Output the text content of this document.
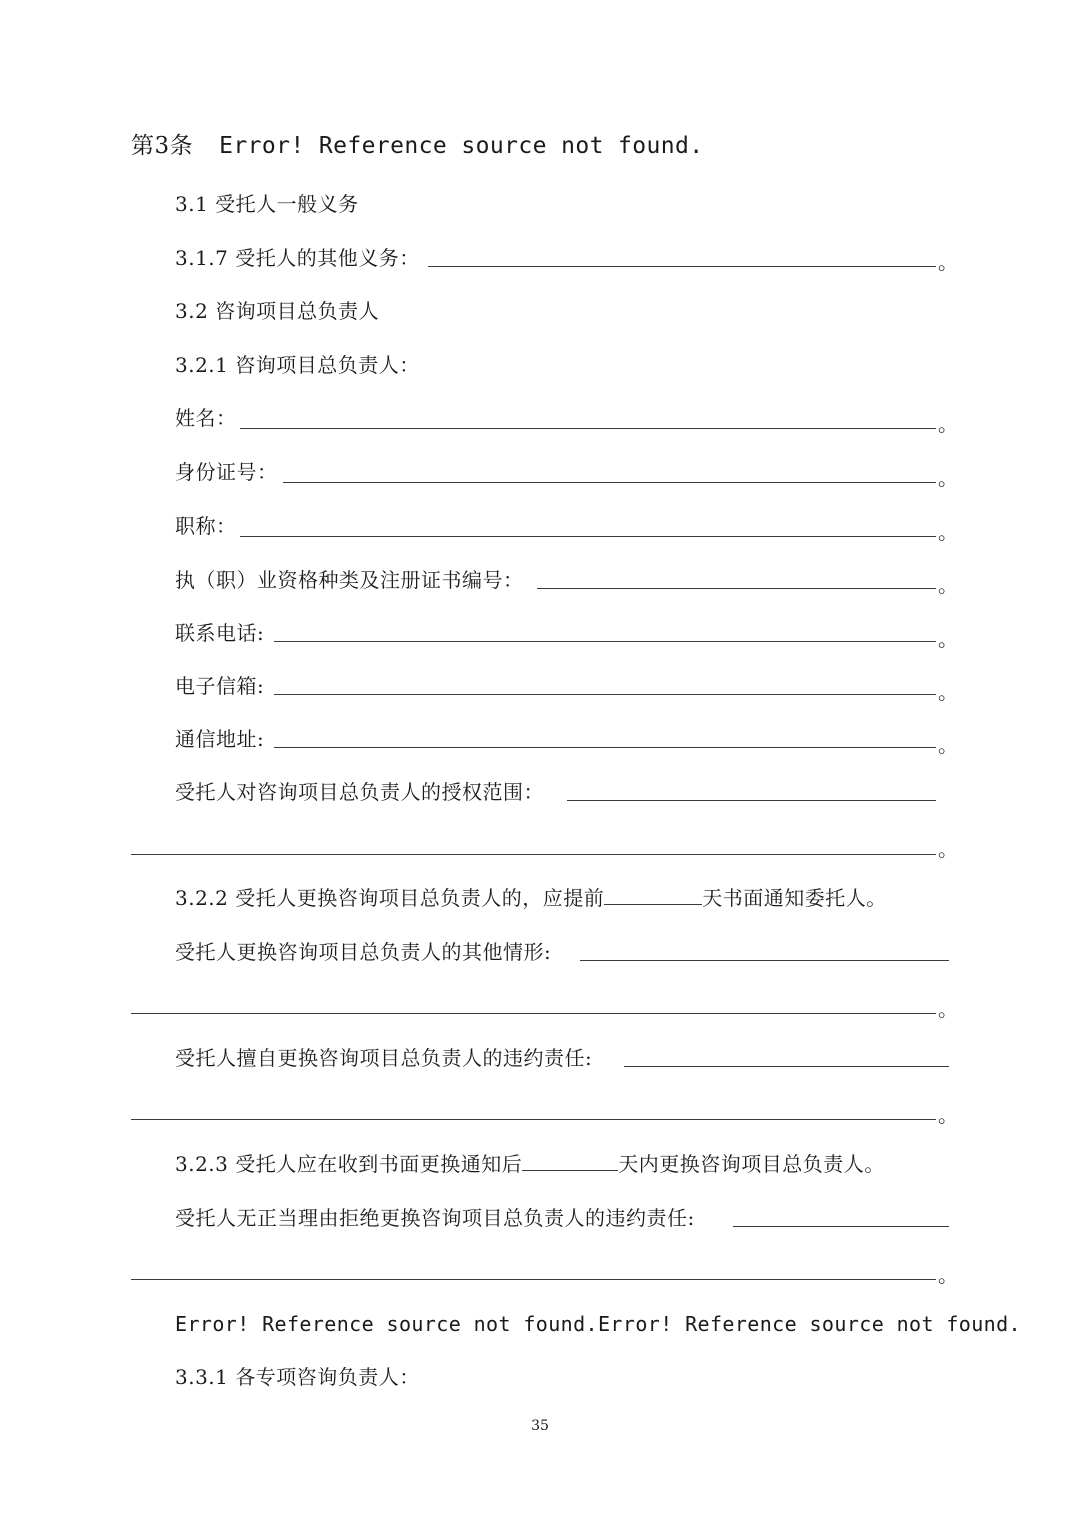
第3条 Error! Reference source not found.
3.1 受托人一般义务
3.1.7 受托人的其他义务：	。
3.2 咨询项目总负责人
3.2.1 咨询项目总负责人：
姓名：	。
身份证号：	。
职称：	。
执（职）业资格种类及注册证书编号：	。
联系电话:	。
电子信箱:	。
通信地址:	。
受托人对咨询项目总负责人的授权范围：
。
3.2.2 受托人更换咨询项目总负责人的，应提前	天书面通知委托人。
受托人更换咨询项目总负责人的其他情形:
。
受托人擅自更换咨询项目总负责人的违约责任:
。
3.2.3 受托人应在收到书面更换通知后	天内更换咨询项目总负责人。
受托人无正当理由拒绝更换咨询项目总负责人的违约责任:
。
Error! Reference source not found.Error! Reference source not found.
3.3.1 各专项咨询负责人：
35
